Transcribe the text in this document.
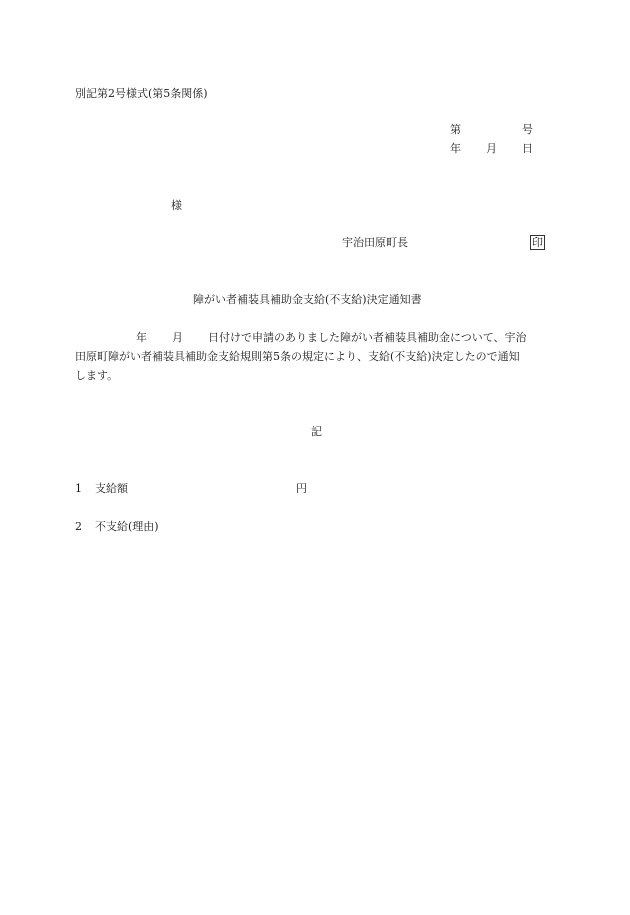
別記第2号様式(第5条関係)
第	号
年 月 日
様
宇治田原町長	印
障がい者補装具補助金支給(不支給)決定通知書
年 月 日付けで申請のありました障がい者補装具補助金について、宇治
田原町障がい者補装具補助金支給規則第5条の規定により、支給(不支給)決定したので通知
します。
記
1 支給額	円
2 不支給(理由)
